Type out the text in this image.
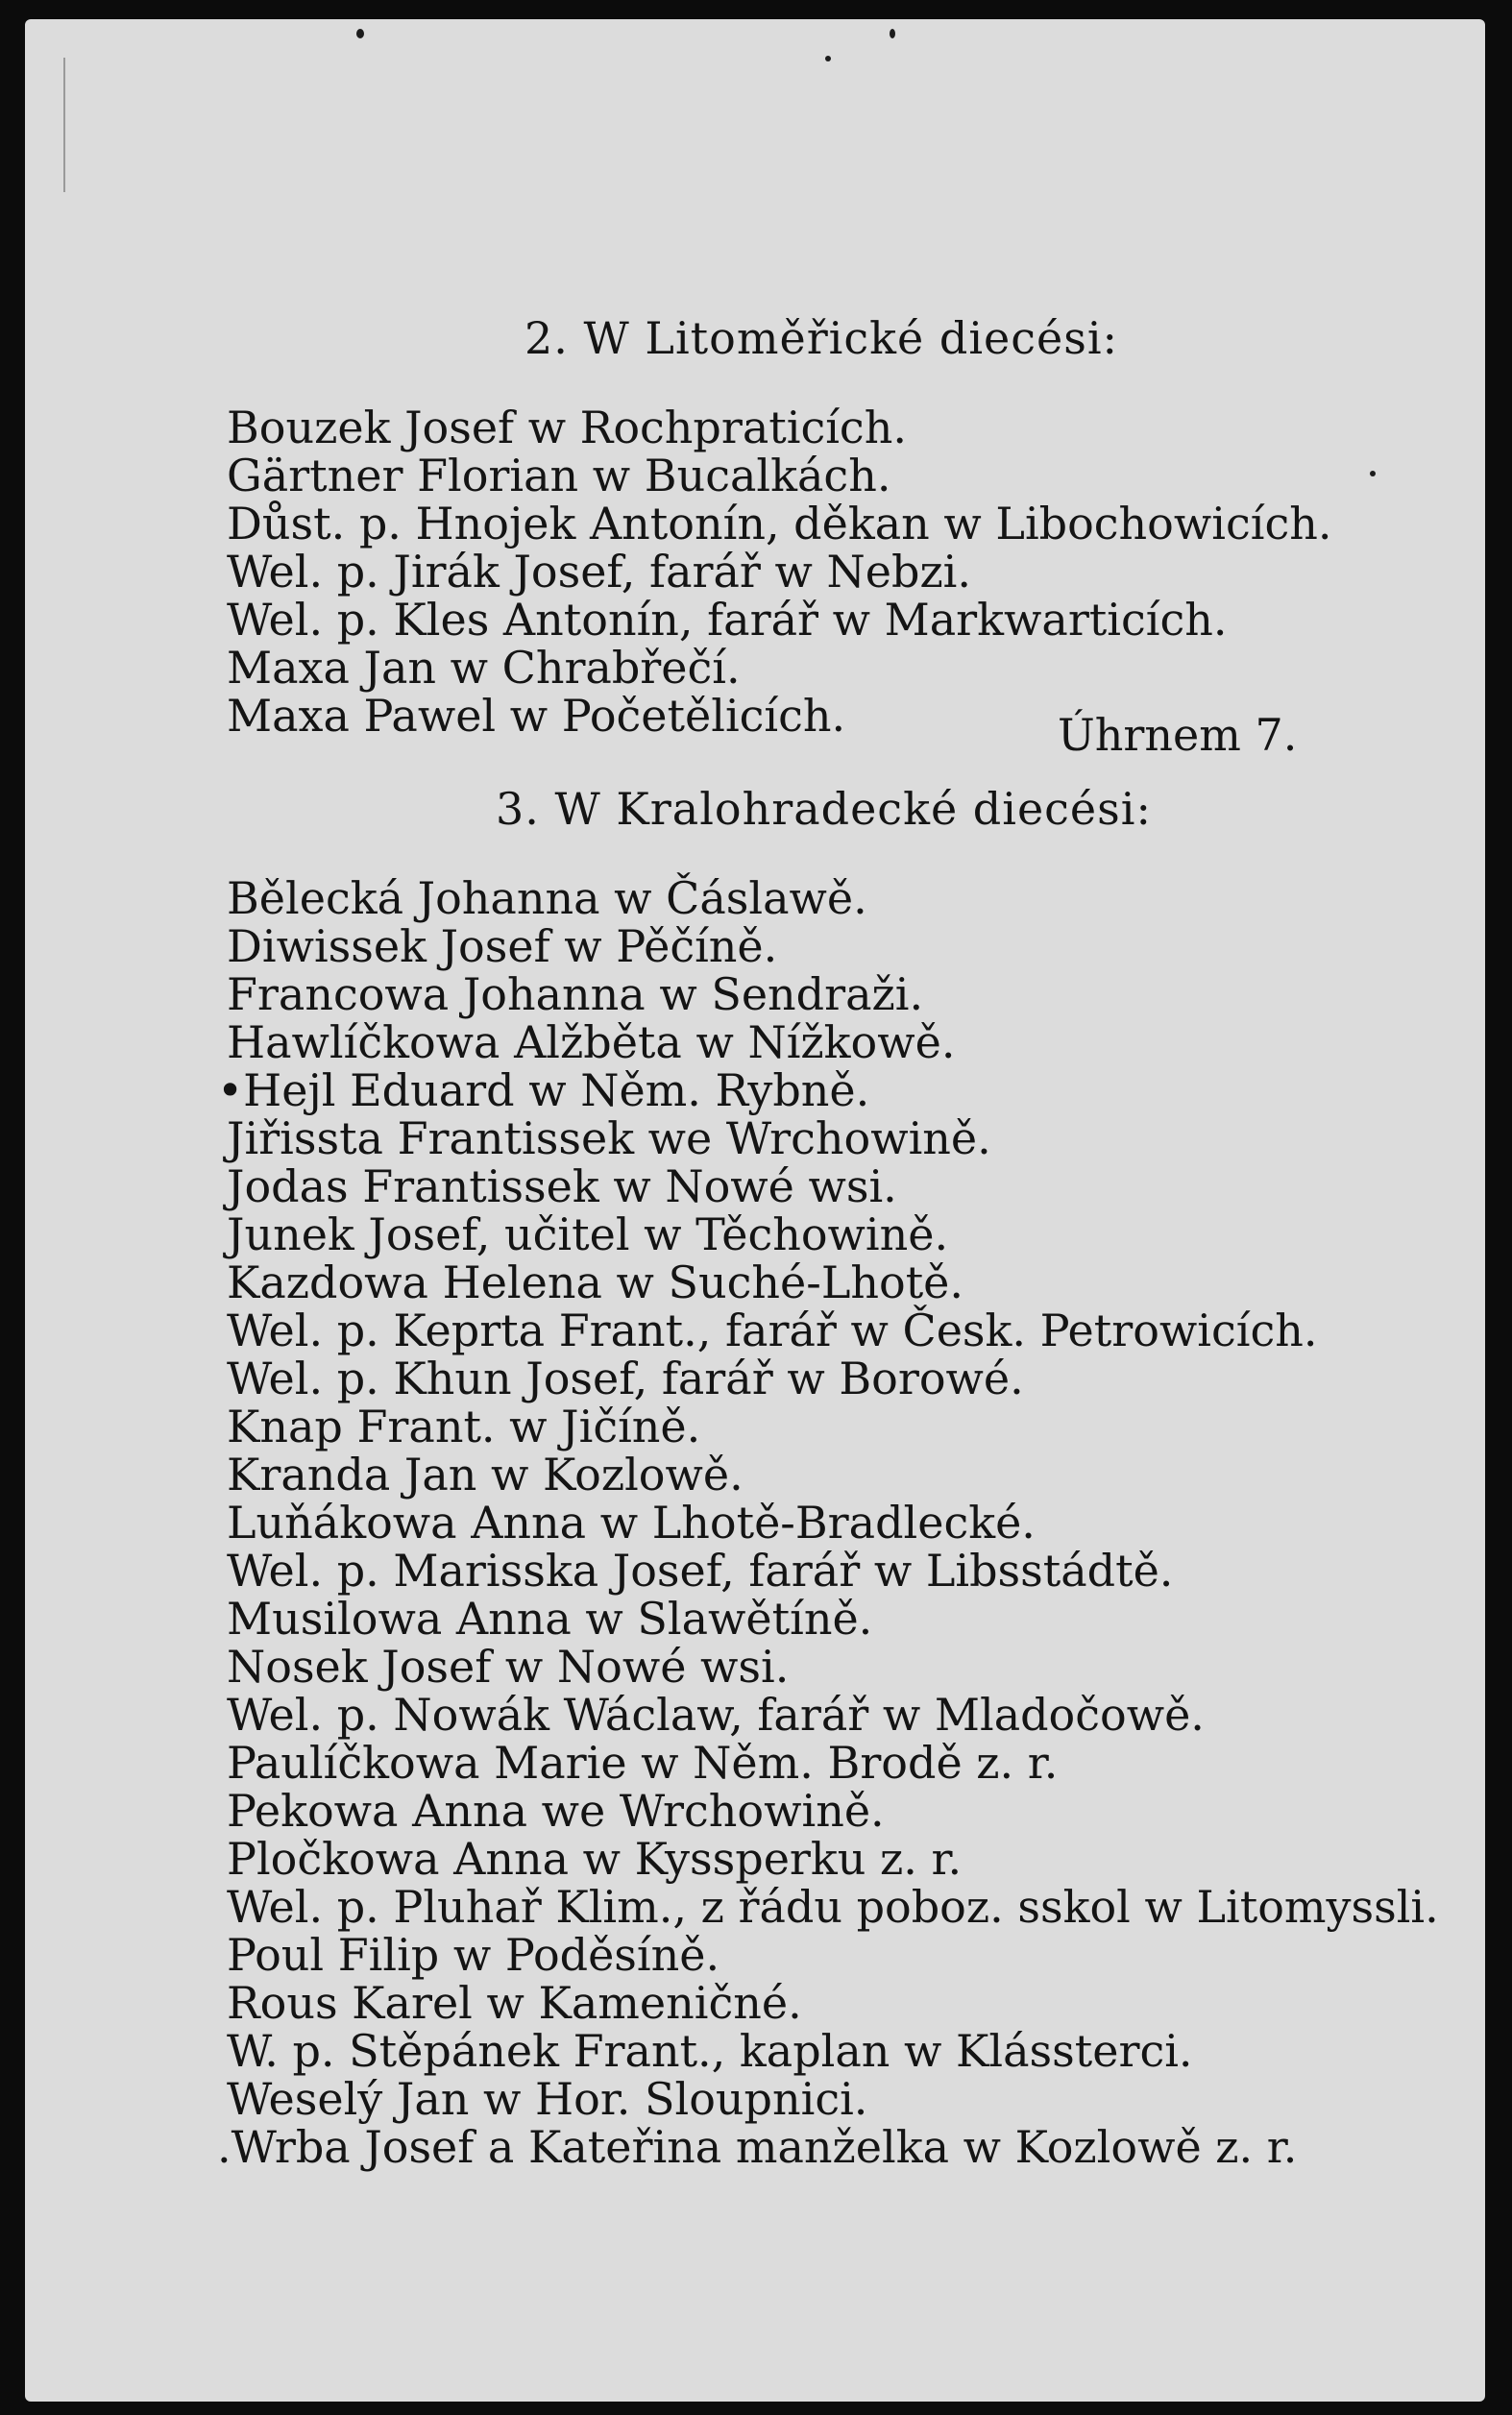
2. W Litoměřické diecési:
Bouzek Josef w Rochpraticích.
Gärtner Florian w Bucalkách.
Důst. p. Hnojek Antonín, děkan w Libochowicích.
Wel. p. Jirák Josef, farář w Nebzi.
Wel. p. Kles Antonín, farář w Markwarticích.
Maxa Jan w Chrabřečí.
Maxa Pawel w Početělicích.	Úhrnem 7.
3. W Kralohradecké diecési:
Bělecká Johanna w Čáslawě.
Diwissek Josef w Pěčíně.
Francowa Johanna w Sendraži.
Hawlíčkowa Alžběta w Nížkowě.
•Hejl Eduard w Něm. Rybně.
Jiřissta Frantissek we Wrchowině.
Jodas Frantissek w Nowé wsi.
Junek Josef, učitel w Těchowině.
Kazdowa Helena w Suché-Lhotě.
Wel. p. Keprta Frant., farář w Česk. Petrowicích.
Wel. p. Khun Josef, farář w Borowé.
Knap Frant. w Jičíně.
Kranda Jan w Kozlowě.
Luňákowa Anna w Lhotě-Bradlecké.
Wel. p. Marisska Josef, farář w Libsstádtě.
Musilowa Anna w Slawětíně.
Nosek Josef w Nowé wsi.
Wel. p. Nowák Wáclaw, farář w Mladočowě.
Paulíčkowa Marie w Něm. Brodě z. r.
Pekowa Anna we Wrchowině.
Pločkowa Anna w Kyssperku z. r.
Wel. p. Pluhař Klim., z řádu poboz. sskol w Litomyssli.
Poul Filip w Poděsíně.
Rous Karel w Kameničné.
W. p. Stěpánek Frant., kaplan w Klássterci.
Weselý Jan w Hor. Sloupnici.
.Wrba Josef a Kateřina manželka w Kozlowě z. r.
